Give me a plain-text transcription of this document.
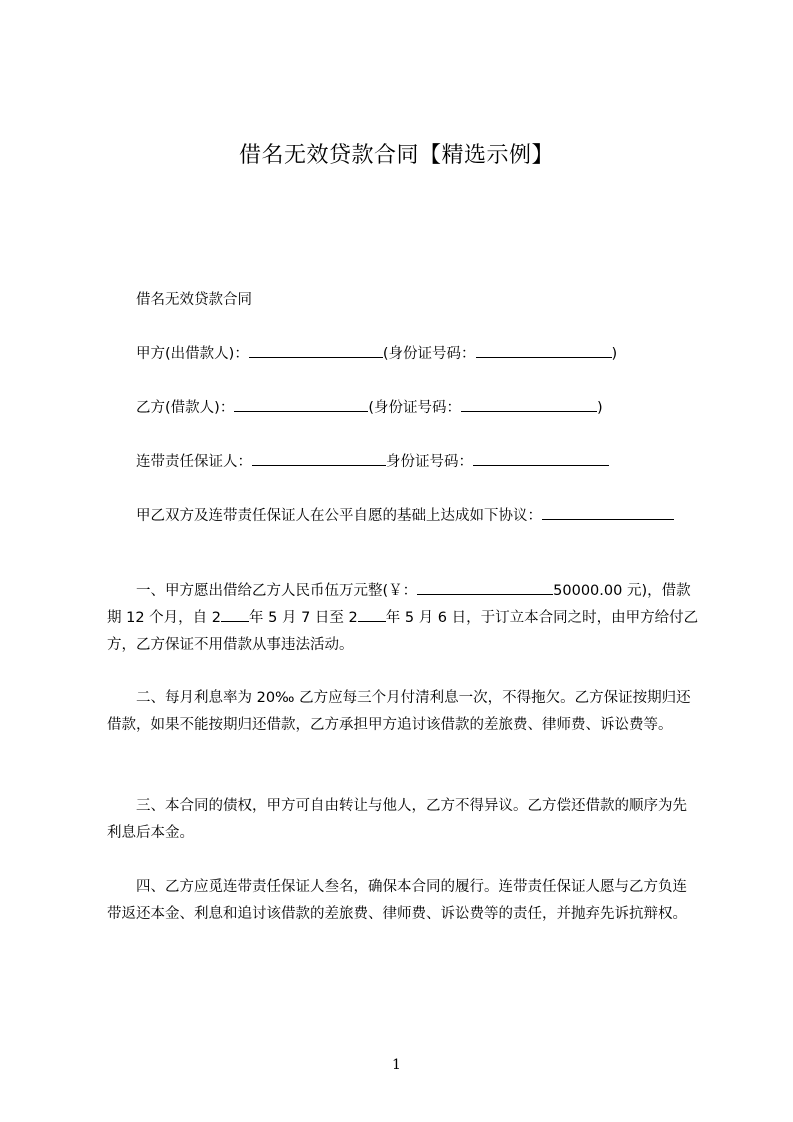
借名无效贷款合同【精选示例】
借名无效贷款合同
甲方(出借款人)：	(身份证号码：	)
乙方(借款人)：	(身份证号码：	)
连带责任保证人：	身份证号码：
甲乙双方及连带责任保证人在公平自愿的基础上达成如下协议：
一、甲方愿出借给乙方人民币伍万元整(￥：	50000.00 元)，借款期 12 个月，自 2 年 5 月 7 日至 2 年 5 月 6 日，于订立本合同之时，由甲方给付乙方，乙方保证不用借款从事违法活动。
二、每月利息率为 20‰ 乙方应每三个月付清利息一次，不得拖欠。乙方保证按期归还借款，如果不能按期归还借款，乙方承担甲方追讨该借款的差旅费、律师费、诉讼费等。
三、本合同的债权，甲方可自由转让与他人，乙方不得异议。乙方偿还借款的顺序为先利息后本金。
四、乙方应觅连带责任保证人叁名，确保本合同的履行。连带责任保证人愿与乙方负连带返还本金、利息和追讨该借款的差旅费、律师费、诉讼费等的责任，并抛弃先诉抗辩权。
1
